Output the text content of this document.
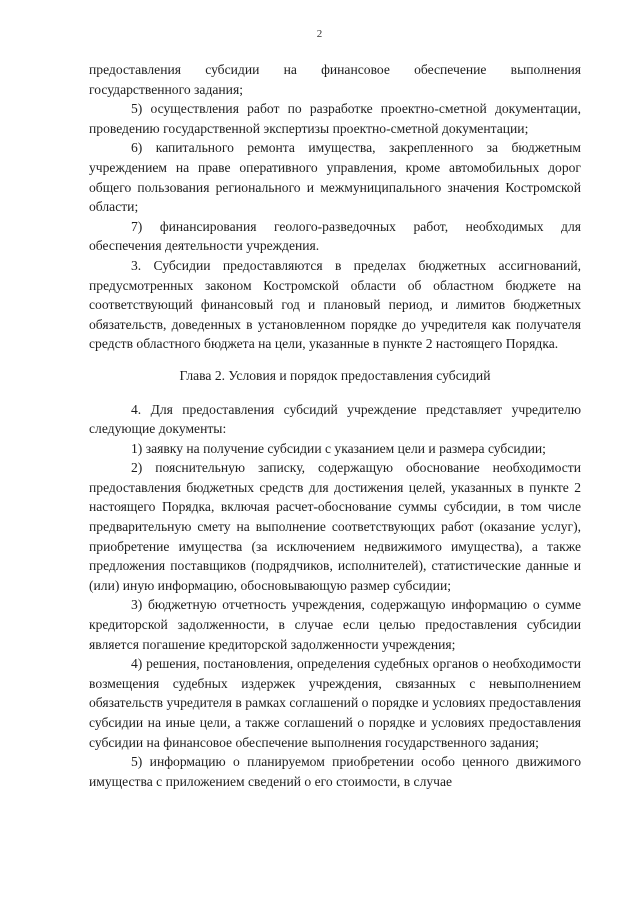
2

предоставления субсидии на финансовое обеспечение выполнения государственного задания;

5) осуществления работ по разработке проектно-сметной документации, проведению государственной экспертизы проектно-сметной документации;

6) капитального ремонта имущества, закрепленного за бюджетным учреждением на праве оперативного управления, кроме автомобильных дорог общего пользования регионального и межмуниципального значения Костромской области;

7) финансирования геолого-разведочных работ, необходимых для обеспечения деятельности учреждения.

3. Субсидии предоставляются в пределах бюджетных ассигнований, предусмотренных законом Костромской области об областном бюджете на соответствующий финансовый год и плановый период, и лимитов бюджетных обязательств, доведенных в установленном порядке до учредителя как получателя средств областного бюджета на цели, указанные в пункте 2 настоящего Порядка.

Глава 2. Условия и порядок предоставления субсидий

4. Для предоставления субсидий учреждение представляет учредителю следующие документы:

1) заявку на получение субсидии с указанием цели и размера субсидии;

2) пояснительную записку, содержащую обоснование необходимости предоставления бюджетных средств для достижения целей, указанных в пункте 2 настоящего Порядка, включая расчет-обоснование суммы субсидии, в том числе предварительную смету на выполнение соответствующих работ (оказание услуг), приобретение имущества (за исключением недвижимого имущества), а также предложения поставщиков (подрядчиков, исполнителей), статистические данные и (или) иную информацию, обосновывающую размер субсидии;

3) бюджетную отчетность учреждения, содержащую информацию о сумме кредиторской задолженности, в случае если целью предоставления субсидии является погашение кредиторской задолженности учреждения;

4) решения, постановления, определения судебных органов о необходимости возмещения судебных издержек учреждения, связанных с невыполнением обязательств учредителя в рамках соглашений о порядке и условиях предоставления субсидии на иные цели, а также соглашений о порядке и условиях предоставления субсидии на финансовое обеспечение выполнения государственного задания;

5) информацию о планируемом приобретении особо ценного движимого имущества с приложением сведений о его стоимости, в случае
